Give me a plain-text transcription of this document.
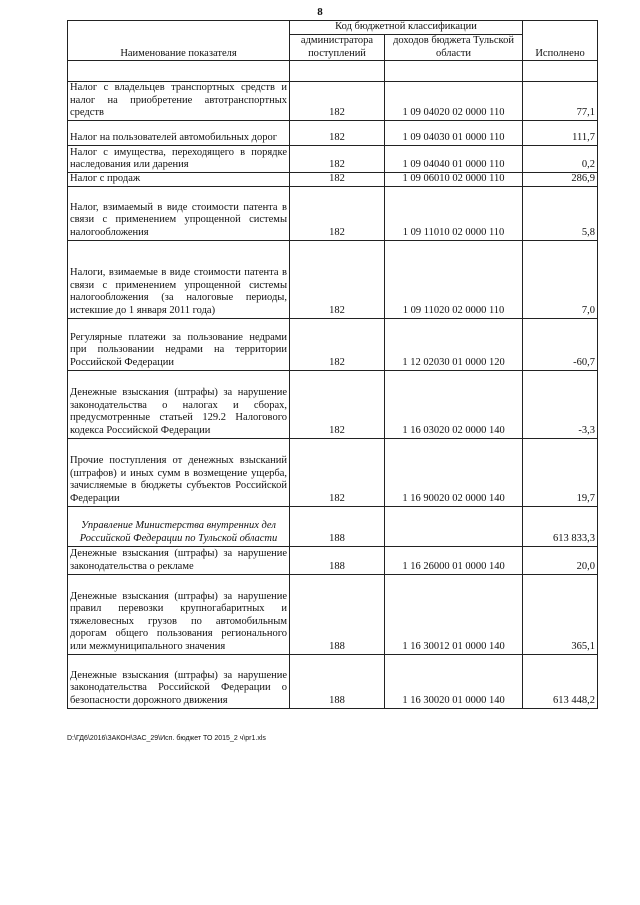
8
Наименование показателя	Код бюджетной классификации		Исполнено
	администратора поступлений	доходов бюджета Тульской области	

Налог с владельцев транспортных средств и налог на приобретение автотранспортных средств	182	1 09 04020 02 0000 110	77,1
Налог на пользователей автомобильных дорог	182	1 09 04030 01 0000 110	111,7
Налог с имущества, переходящего в порядке наследования или дарения	182	1 09 04040 01 0000 110	0,2
Налог с продаж	182	1 09 06010 02 0000 110	286,9
Налог, взимаемый в виде стоимости патента в связи с применением упрощенной системы налогообложения	182	1 09 11010 02 0000 110	5,8
Налоги, взимаемые в виде стоимости патента в связи с применением упрощенной системы налогообложения (за налоговые периоды, истекшие до 1 января 2011 года)	182	1 09 11020 02 0000 110	7,0
Регулярные платежи за пользование недрами при пользовании недрами на территории Российской Федерации	182	1 12 02030 01 0000 120	-60,7
Денежные взыскания (штрафы) за нарушение законодательства о налогах и сборах, предусмотренные статьей 129.2 Налогового кодекса Российской Федерации	182	1 16 03020 02 0000 140	-3,3
Прочие поступления от денежных взысканий (штрафов) и иных сумм в возмещение ущерба, зачисляемые в бюджеты субъектов Российской Федерации	182	1 16 90020 02 0000 140	19,7
Управление Министерства внутренних дел Российской Федерации по Тульской области	188		613 833,3
Денежные взыскания (штрафы) за нарушение законодательства о рекламе	188	1 16 26000 01 0000 140	20,0
Денежные взыскания (штрафы) за нарушение правил перевозки крупногабаритных и тяжеловесных грузов по автомобильным дорогам общего пользования регионального или межмуниципального значения	188	1 16 30012 01 0000 140	365,1
Денежные взыскания (штрафы) за нарушение законодательства Российской Федерации о безопасности дорожного движения	188	1 16 30020 01 0000 140	613 448,2
D:\ГД6\2016\ЗАКОН\ЗАС_29\Исп. бюджет ТО 2015_2 ч\pr1.xls
